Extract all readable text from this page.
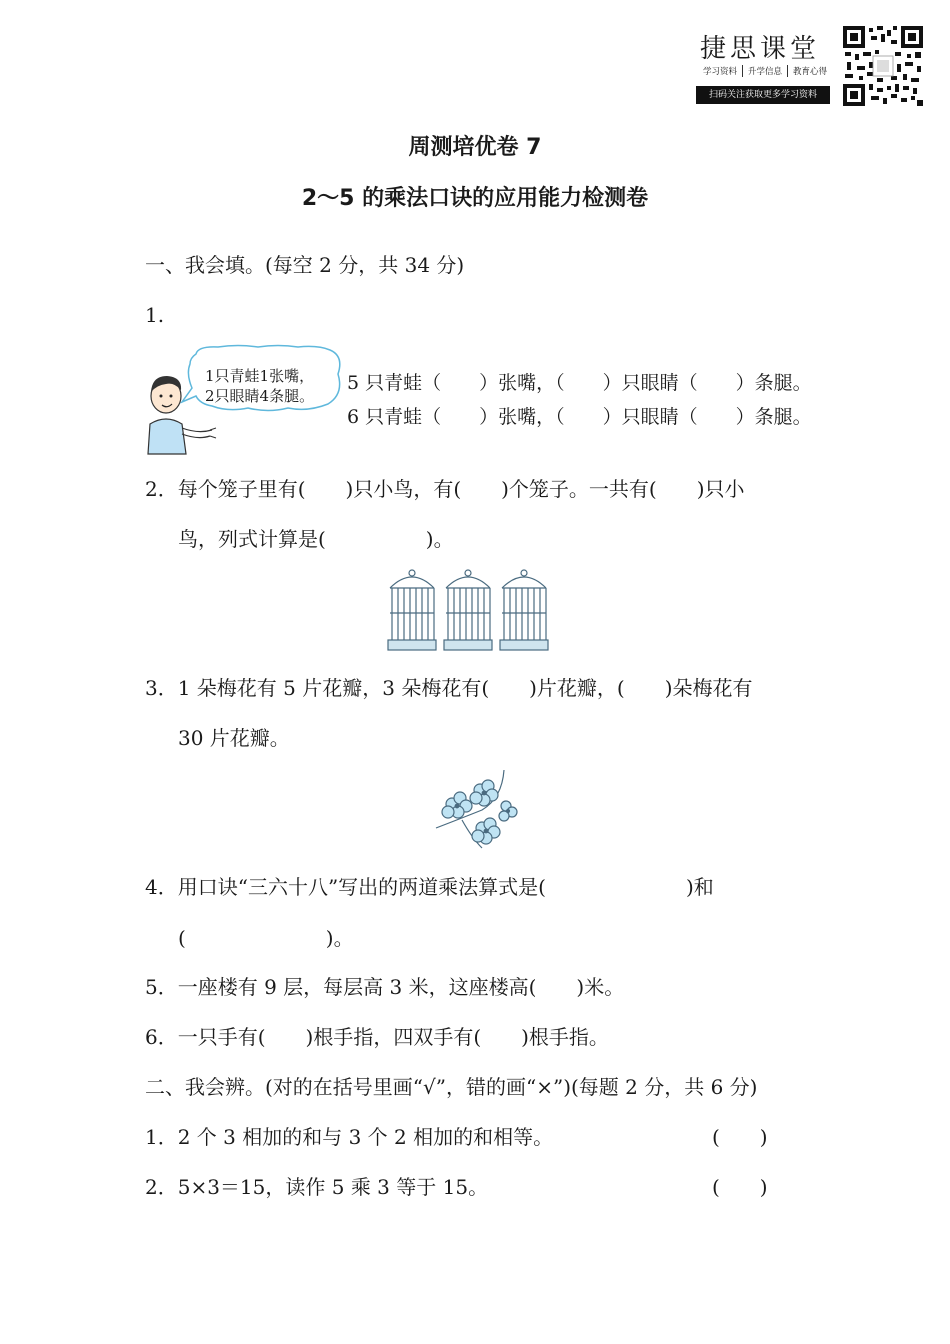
捷思课堂
学习资料	升学信息	教育心得
扫码关注获取更多学习资料
周测培优卷 7
2～5 的乘法口诀的应用能力检测卷
一、我会填。(每空 2 分，共 34 分)
1.
1只青蛙1张嘴，
2只眼睛4条腿。
5 只青蛙（　　）张嘴，（　　）只眼睛（　　）条腿。
6 只青蛙（　　）张嘴，（　　）只眼睛（　　）条腿。
2．每个笼子里有(　　)只小鸟，有(　　)个笼子。一共有(　　)只小
鸟，列式计算是(　　　　　)。
3．1 朵梅花有 5 片花瓣，3 朵梅花有(　　)片花瓣，(　　)朵梅花有
30 片花瓣。
4．用口诀“三六十八”写出的两道乘法算式是(　　　　　　　)和
(　　　　　　　)。
5．一座楼有 9 层，每层高 3 米，这座楼高(　　)米。
6．一只手有(　　)根手指，四双手有(　　)根手指。
二、我会辨。(对的在括号里画“√”，错的画“×”)(每题 2 分，共 6 分)
1．2 个 3 相加的和与 3 个 2 相加的和相等。	(　　)
2．5×3＝15，读作 5 乘 3 等于 15。	(　　)
